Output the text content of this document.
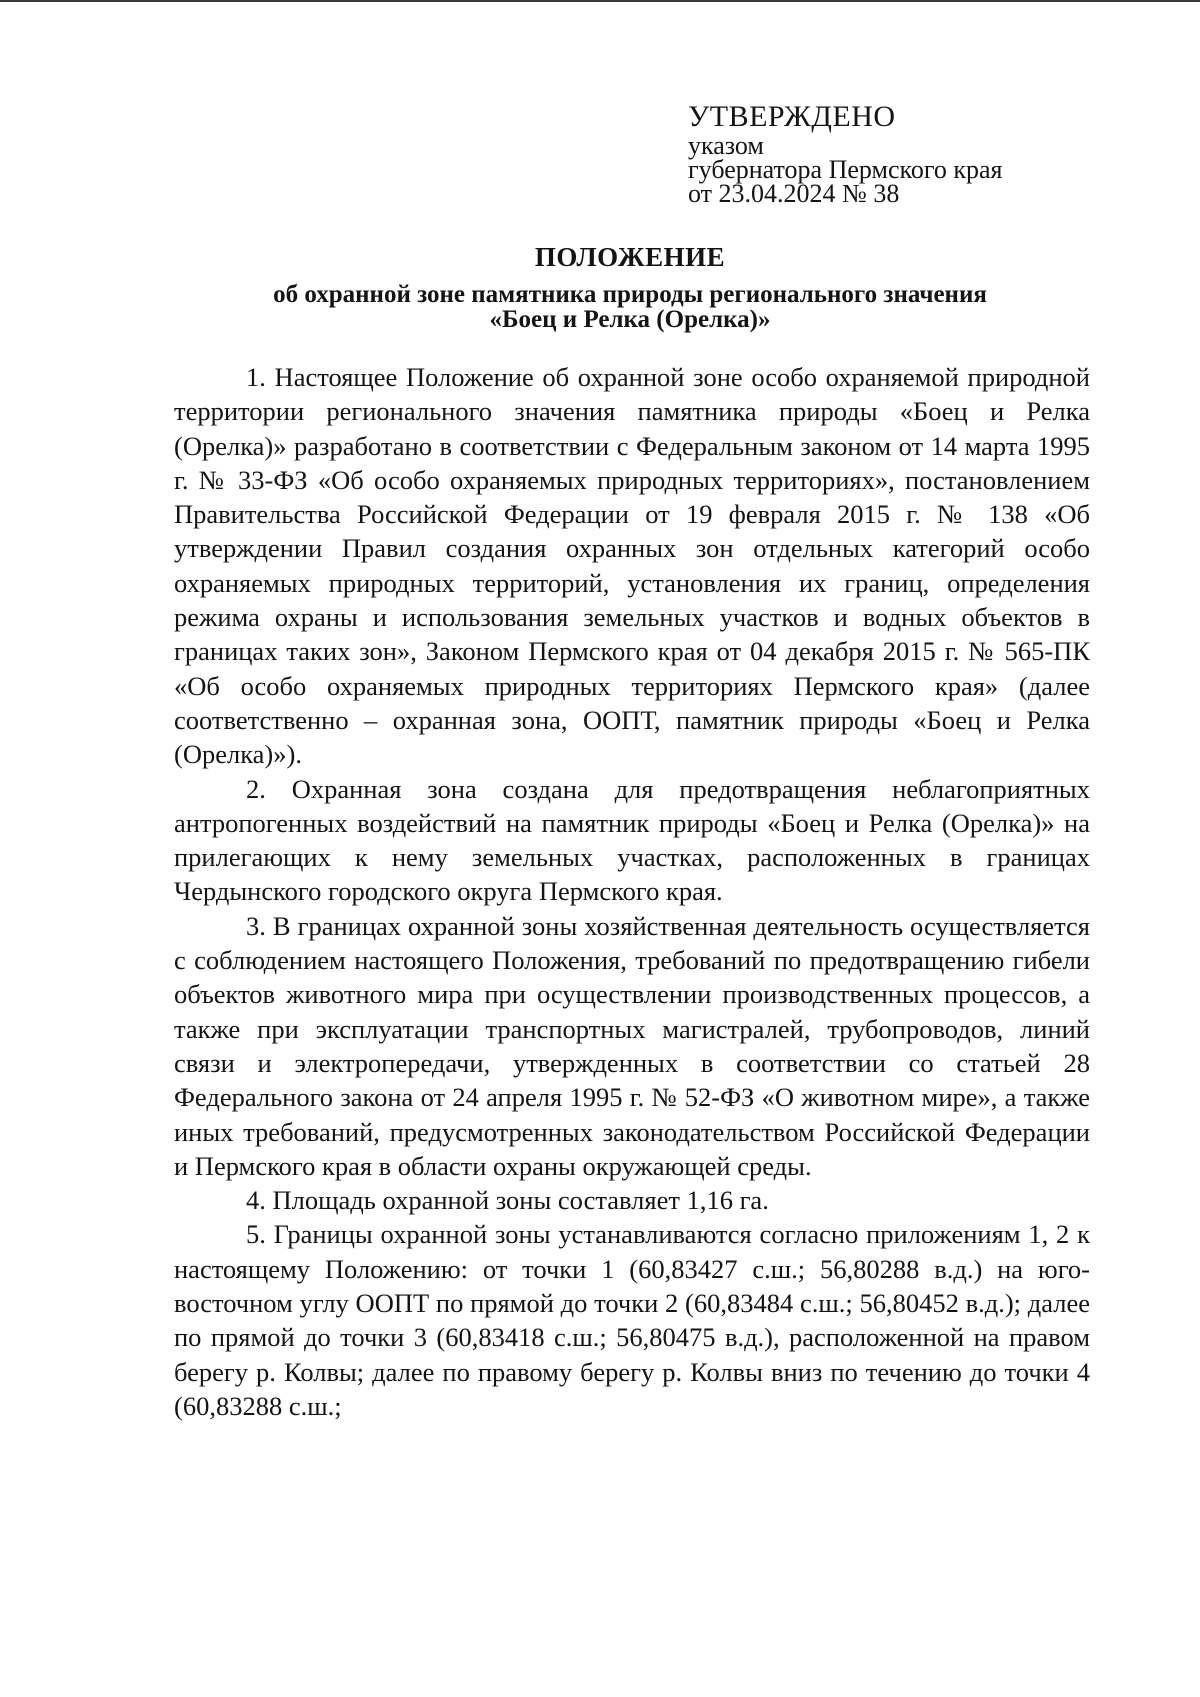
УТВЕРЖДЕНО
указом
губернатора Пермского края
от 23.04.2024 № 38
ПОЛОЖЕНИЕ
об охранной зоне памятника природы регионального значения
«Боец и Релка (Орелка)»

1. Настоящее Положение об охранной зоне особо охраняемой природной территории регионального значения памятника природы «Боец и Релка (Орелка)» разработано в соответствии с Федеральным законом от 14 марта 1995 г. № 33-ФЗ «Об особо охраняемых природных территориях», постановлением Правительства Российской Федерации от 19 февраля 2015 г. № 138 «Об утверждении Правил создания охранных зон отдельных категорий особо охраняемых природных территорий, установления их границ, определения режима охраны и использования земельных участков и водных объектов в границах таких зон», Законом Пермского края от 04 декабря 2015 г. № 565-ПК «Об особо охраняемых природных территориях Пермского края» (далее соответственно – охранная зона, ООПТ, памятник природы «Боец и Релка (Орелка)»).

2. Охранная зона создана для предотвращения неблагоприятных антропогенных воздействий на памятник природы «Боец и Релка (Орелка)» на прилегающих к нему земельных участках, расположенных в границах Чердынского городского округа Пермского края.

3. В границах охранной зоны хозяйственная деятельность осуществляется с соблюдением настоящего Положения, требований по предотвращению гибели объектов животного мира при осуществлении производственных процессов, а также при эксплуатации транспортных магистралей, трубопроводов, линий связи и электропередачи, утвержденных в соответствии со статьей 28 Федерального закона от 24 апреля 1995 г. № 52-ФЗ «О животном мире», а также иных требований, предусмотренных законодательством Российской Федерации и Пермского края в области охраны окружающей среды.

4. Площадь охранной зоны составляет 1,16 га.

5. Границы охранной зоны устанавливаются согласно приложениям 1, 2 к настоящему Положению: от точки 1 (60,83427 с.ш.; 56,80288 в.д.) на юго-восточном углу ООПТ по прямой до точки 2 (60,83484 с.ш.; 56,80452 в.д.); далее по прямой до точки 3 (60,83418 с.ш.; 56,80475 в.д.), расположенной на правом берегу р. Колвы; далее по правому берегу р. Колвы вниз по течению до точки 4 (60,83288 с.ш.;
